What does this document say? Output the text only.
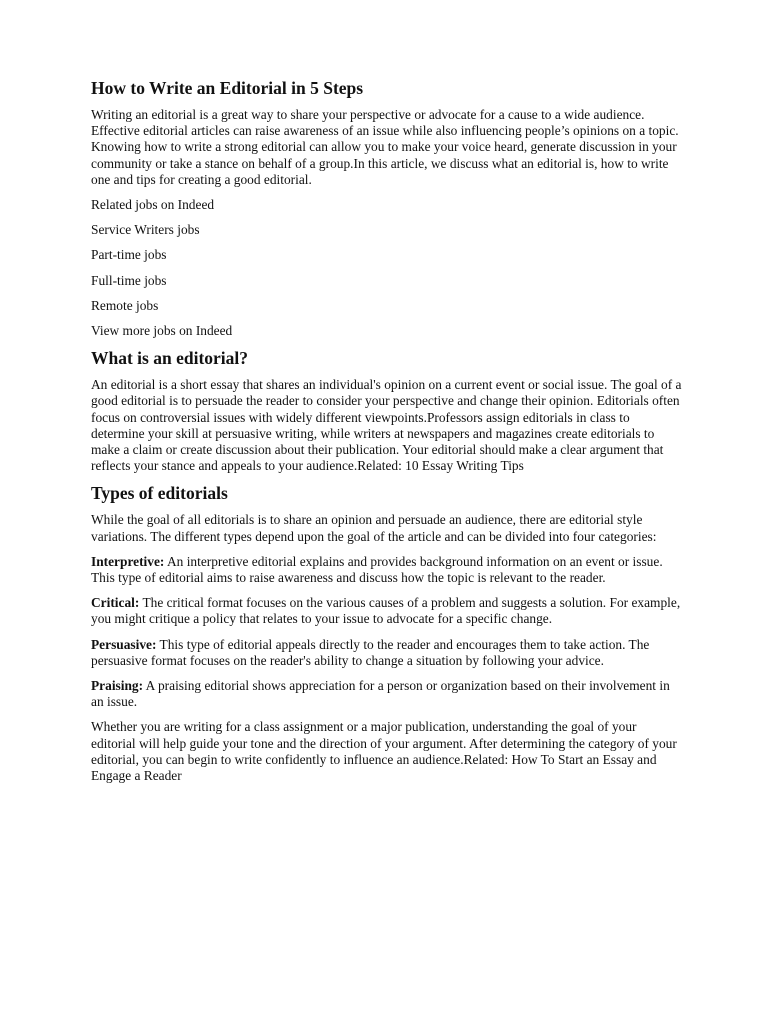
How to Write an Editorial in 5 Steps

Writing an editorial is a great way to share your perspective or advocate for a cause to a wide audience. Effective editorial articles can raise awareness of an issue while also influencing people’s opinions on a topic. Knowing how to write a strong editorial can allow you to make your voice heard, generate discussion in your community or take a stance on behalf of a group.In this article, we discuss what an editorial is, how to write one and tips for creating a good editorial.

Related jobs on Indeed
Service Writers jobs
Part-time jobs
Full-time jobs
Remote jobs
View more jobs on Indeed
What is an editorial?

An editorial is a short essay that shares an individual's opinion on a current event or social issue. The goal of a good editorial is to persuade the reader to consider your perspective and change their opinion. Editorials often focus on controversial issues with widely different viewpoints.Professors assign editorials in class to determine your skill at persuasive writing, while writers at newspapers and magazines create editorials to make a claim or create discussion about their publication. Your editorial should make a clear argument that reflects your stance and appeals to your audience.Related: 10 Essay Writing Tips

Types of editorials

While the goal of all editorials is to share an opinion and persuade an audience, there are editorial style variations. The different types depend upon the goal of the article and can be divided into four categories:

Interpretive: An interpretive editorial explains and provides background information on an event or issue. This type of editorial aims to raise awareness and discuss how the topic is relevant to the reader.

Critical: The critical format focuses on the various causes of a problem and suggests a solution. For example, you might critique a policy that relates to your issue to advocate for a specific change.

Persuasive: This type of editorial appeals directly to the reader and encourages them to take action. The persuasive format focuses on the reader's ability to change a situation by following your advice.

Praising: A praising editorial shows appreciation for a person or organization based on their involvement in an issue.

Whether you are writing for a class assignment or a major publication, understanding the goal of your editorial will help guide your tone and the direction of your argument. After determining the category of your editorial, you can begin to write confidently to influence an audience.Related: How To Start an Essay and Engage a Reader
